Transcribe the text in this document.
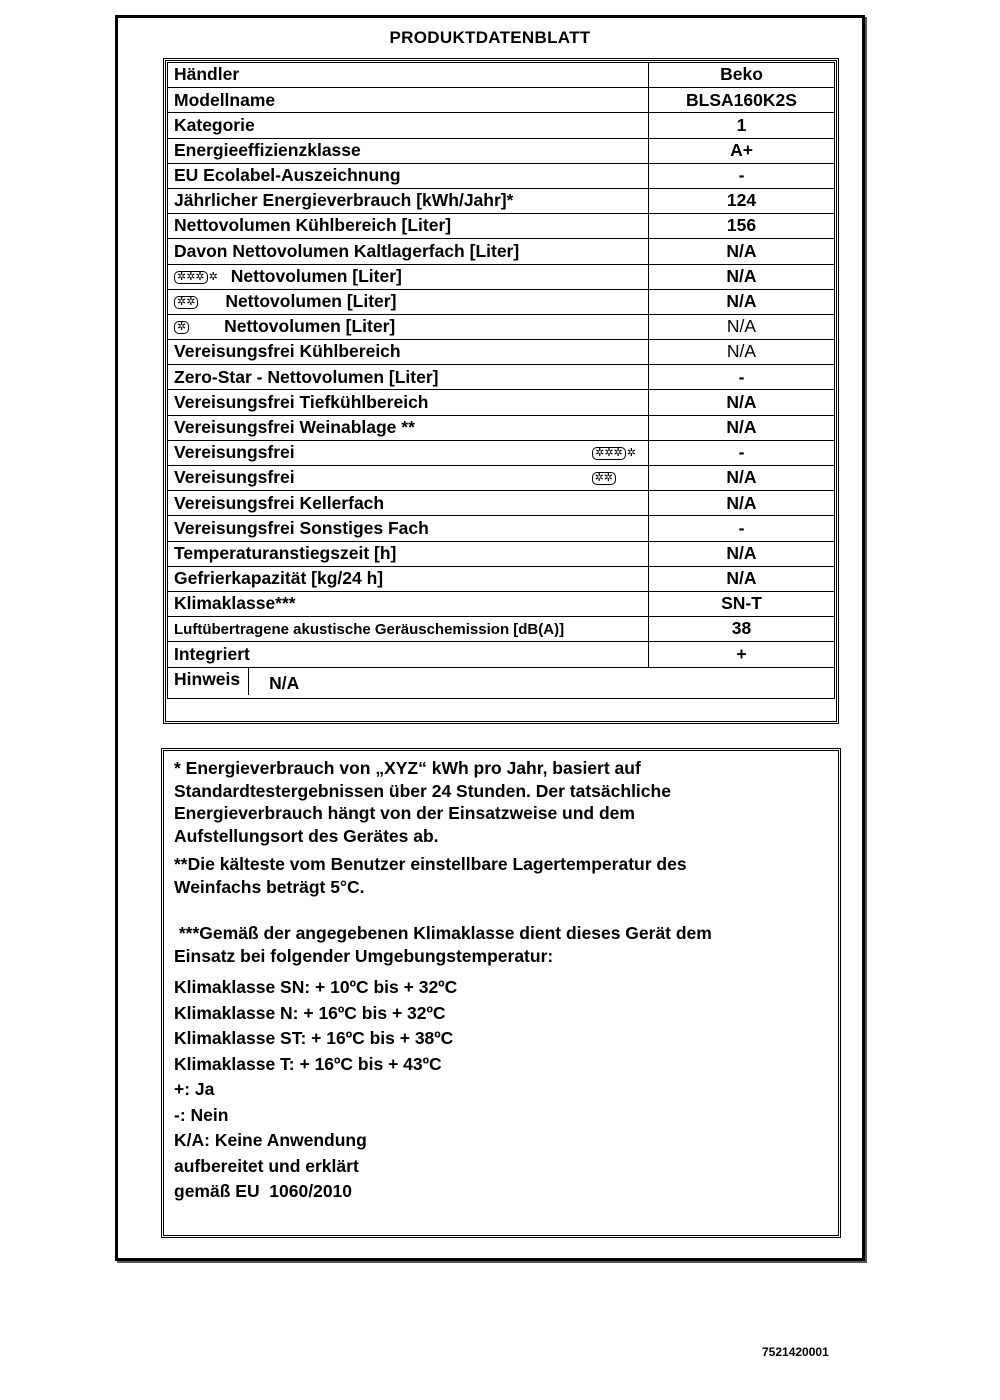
PRODUKTDATENBLATT
Händler	Beko
Modellname	BLSA160K2S
Kategorie	1
Energieeffizienzklasse	A+
EU Ecolabel-Auszeichnung	-
Jährlicher Energieverbrauch [kWh/Jahr]*	124
Nettovolumen Kühlbereich [Liter]	156
Davon Nettovolumen Kaltlagerfach [Liter]	N/A
✲✲✲ ✲ Nettovolumen [Liter]	N/A
✲✲ Nettovolumen [Liter]	N/A
✲ Nettovolumen [Liter]	N/A
Vereisungsfrei Kühlbereich	N/A
Zero-Star - Nettovolumen [Liter]	-
Vereisungsfrei Tiefkühlbereich	N/A
Vereisungsfrei Weinablage **	N/A
Vereisungsfrei ✲✲✲ ✲	-
Vereisungsfrei ✲✲	N/A
Vereisungsfrei Kellerfach	N/A
Vereisungsfrei Sonstiges Fach	-
Temperaturanstiegszeit [h]	N/A
Gefrierkapazität [kg/24 h]	N/A
Klimaklasse***	SN-T
Luftübertragene akustische Geräuschemission [dB(A)]	38
Integriert	+
Hinweis N/A	

* Energieverbrauch von „XYZ“ kWh pro Jahr, basiert auf

Standardtestergebnissen über 24 Stunden. Der tatsächliche

Energieverbrauch hängt von der Einsatzweise und dem

Aufstellungsort des Gerätes ab.

**Die kälteste vom Benutzer einstellbare Lagertemperatur des

Weinfachs beträgt 5°C.

***Gemäß der angegebenen Klimaklasse dient dieses Gerät dem

Einsatz bei folgender Umgebungstemperatur:

Klimaklasse SN: + 10ºC bis + 32ºC

Klimaklasse N: + 16ºC bis + 32ºC

Klimaklasse ST: + 16ºC bis + 38ºC

Klimaklasse T: + 16ºC bis + 43ºC

+: Ja

-: Nein

K/A: Keine Anwendung

aufbereitet und erklärt

gemäß EU  1060/2010

7521420001
